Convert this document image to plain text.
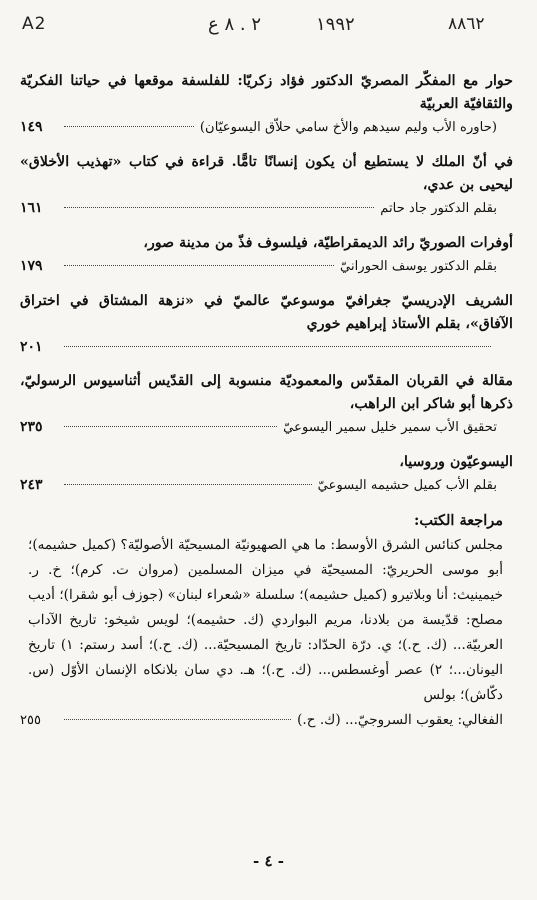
A2	٢ . ٨ ع	١٩٩٢	٨٨٦٢
حوار مع المفكّر المصريّ الدكتور فؤاد زكريّا: للفلسفة موقعها في حياتنا الفكريّة والثقافيّة العربيّة
(حاوره الأب وليم سيدهم والأخ سامي حلاّق اليسوعيّان)
١٤٩
في أنّ الملك لا يستطيع أن يكون إنسانًا تامًّا. قراءة في كتاب «تهذيب الأخلاق» ليحيى بن عدي،
بقلم الدكتور جاد حاتم
١٦١
أوفرات الصوريّ رائد الديمقراطيّة، فيلسوف فذّ من مدينة صور،
بقلم الدكتور يوسف الحورانيّ
١٧٩
الشريف الإدريسيّ جغرافيّ موسوعيّ عالميّ في «نزهة المشتاق في اختراق الآفاق»، بقلم الأستاذ إبراهيم خوري
٢٠١
مقالة في القربان المقدّس والمعموديّة منسوبة إلى القدّيس أثناسيوس الرسوليّ، ذكرها أبو شاكر ابن الراهب،
تحقيق الأب سمير خليل سمير اليسوعيّ
٢٣٥
اليسوعيّون وروسيا،
بقلم الأب كميل حشيمه اليسوعيّ
٢٤٣
مراجعة الكتب:
مجلس كنائس الشرق الأوسط: ما هي الصهيونيّة المسيحيّة الأصوليّة؟ (كميل حشيمه)؛ أبو موسى الحريريّ: المسيحيّة في ميزان المسلمين (مروان ت. كرم)؛ خ. ر. خيمينيث: أنا وبلاتيرو (كميل حشيمه)؛ سلسلة «شعراء لبنان» (جوزف أبو شقرا)؛ أديب مصلح: قدّيسة من بلادنا، مريم البواردي (ك. حشيمه)؛ لويس شيخو: تاريخ الآداب العربيّة... (ك. ح.)؛ ي. درّة الحدّاد: تاريخ المسيحيّة... (ك. ح.)؛ أسد رستم: ١) تاريخ اليونان...؛ ٢) عصر أوغسطس... (ك. ح.)؛ هـ. دي سان بلانكاه الإنسان الأوّل (س. دكّاش)؛ بولس
الفغالي: يعقوب السروجيّ... (ك. ح.)
٢٥٥
- ٤ -
